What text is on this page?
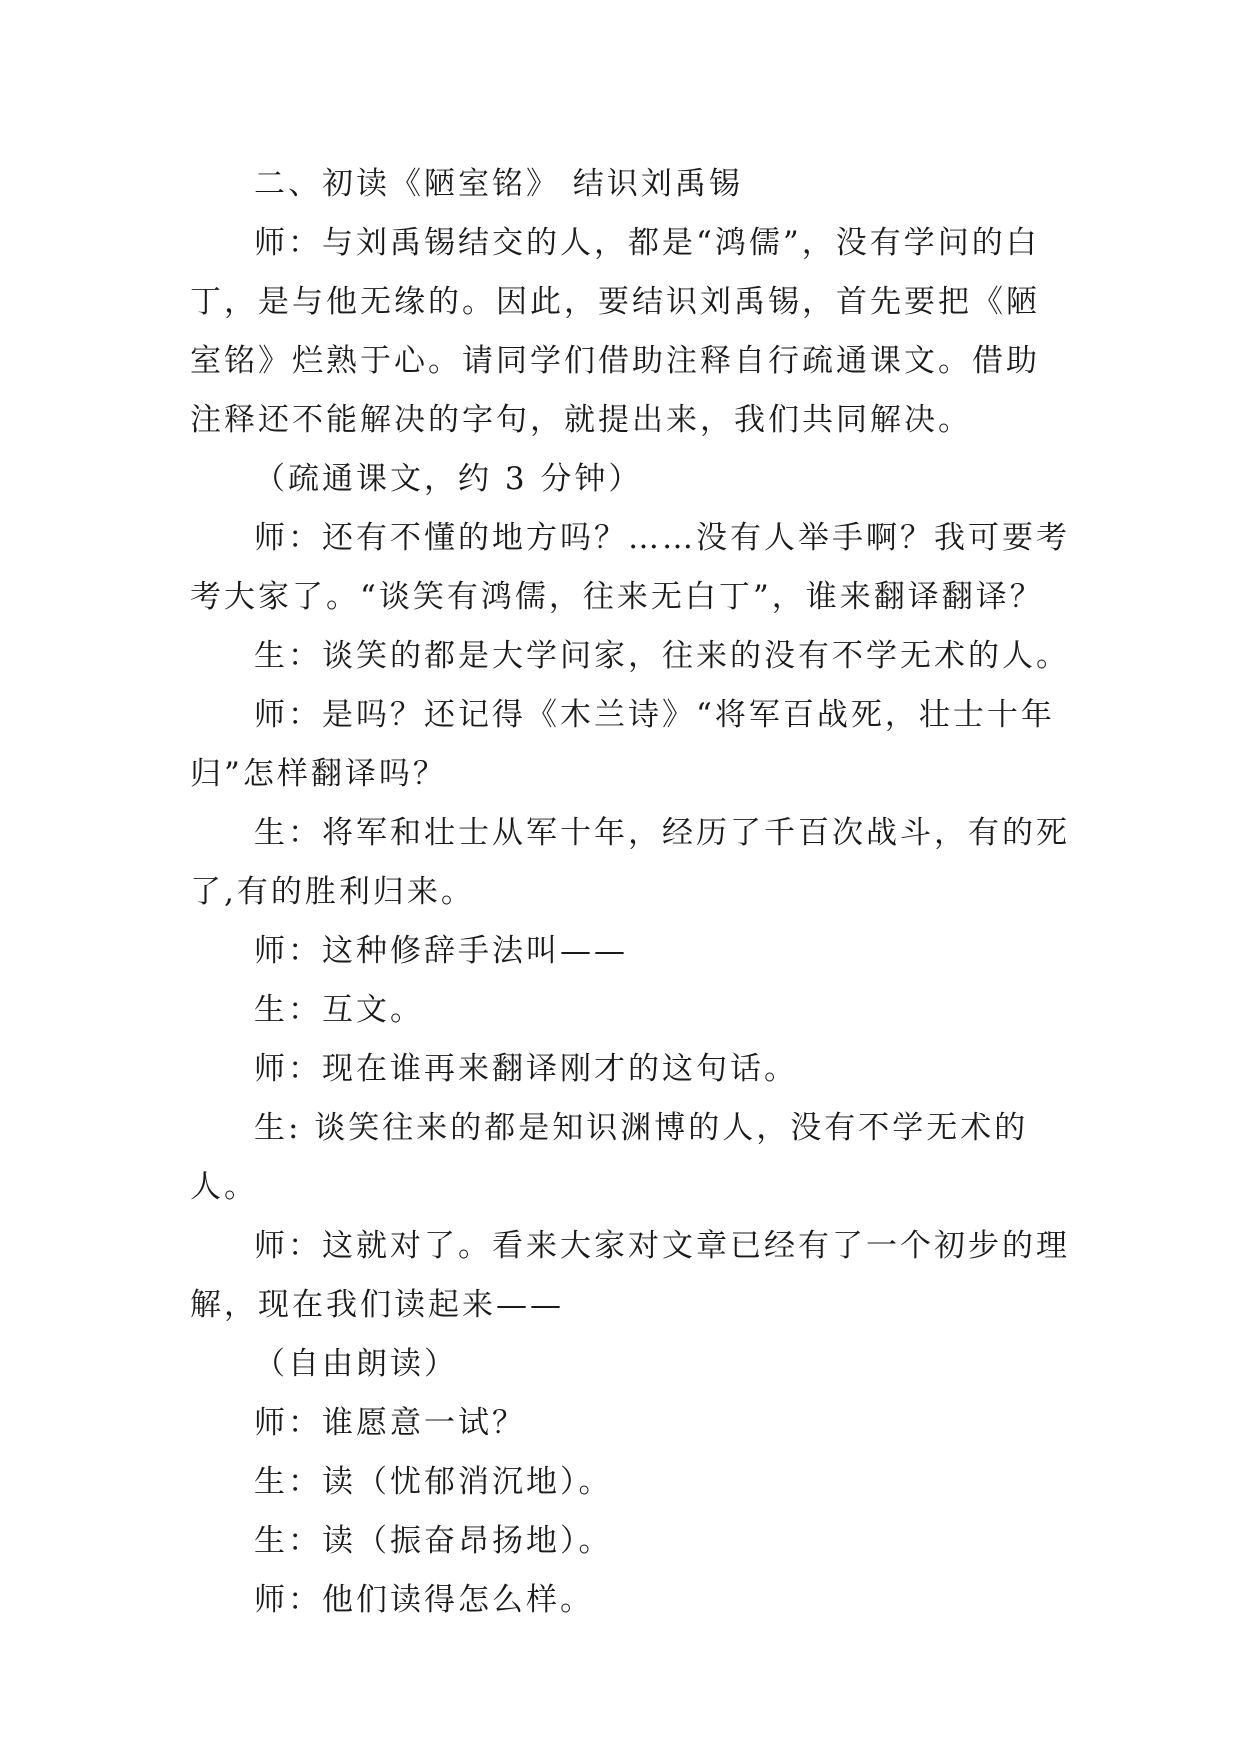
二、初读《陋室铭》 结识刘禹锡

师：与刘禹锡结交的人，都是“鸿儒”，没有学问的白丁，是与他无缘的。因此，要结识刘禹锡，首先要把《陋室铭》烂熟于心。请同学们借助注释自行疏通课文。借助注释还不能解决的字句，就提出来，我们共同解决。

（疏通课文，约 3 分钟）

师：还有不懂的地方吗？……没有人举手啊？我可要考考大家了。“谈笑有鸿儒，往来无白丁”，谁来翻译翻译？

生：谈笑的都是大学问家，往来的没有不学无术的人。

师：是吗？还记得《木兰诗》“将军百战死，壮士十年归”怎样翻译吗？

生：将军和壮士从军十年，经历了千百次战斗，有的死了,有的胜利归来。

师：这种修辞手法叫——

生：互文。

师：现在谁再来翻译刚才的这句话。

生: 谈笑往来的都是知识渊博的人，没有不学无术的人。

师：这就对了。看来大家对文章已经有了一个初步的理解，现在我们读起来——

（自由朗读）

师：谁愿意一试？

生：读（忧郁消沉地）。

生：读（振奋昂扬地）。

师：他们读得怎么样。
